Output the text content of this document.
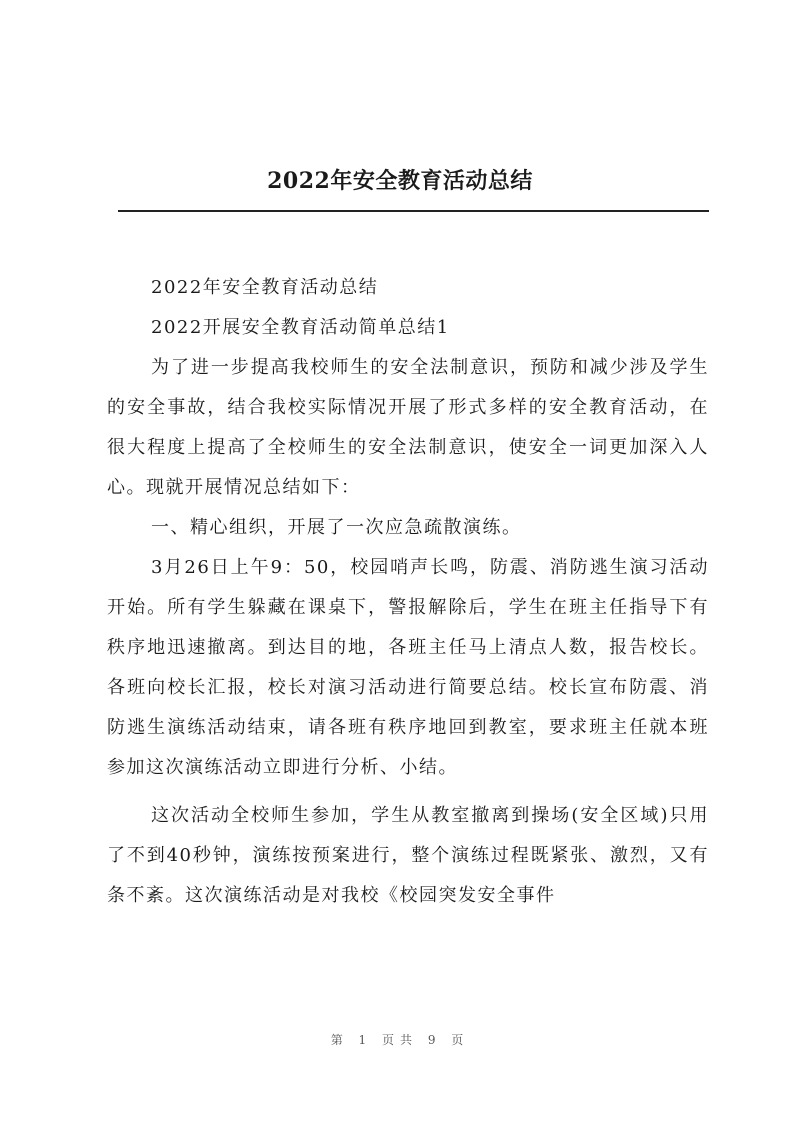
2022年安全教育活动总结

2022年安全教育活动总结

2022开展安全教育活动简单总结1

为了进一步提高我校师生的安全法制意识，预防和减少涉及学生的安全事故，结合我校实际情况开展了形式多样的安全教育活动，在很大程度上提高了全校师生的安全法制意识，使安全一词更加深入人心。现就开展情况总结如下：

一、精心组织，开展了一次应急疏散演练。

3月26日上午9：50，校园哨声长鸣，防震、消防逃生演习活动开始。所有学生躲藏在课桌下，警报解除后，学生在班主任指导下有秩序地迅速撤离。到达目的地，各班主任马上清点人数，报告校长。各班向校长汇报，校长对演习活动进行简要总结。校长宣布防震、消防逃生演练活动结束，请各班有秩序地回到教室，要求班主任就本班参加这次演练活动立即进行分析、小结。

这次活动全校师生参加，学生从教室撤离到操场(安全区域)只用了不到40秒钟，演练按预案进行，整个演练过程既紧张、激烈，又有条不紊。这次演练活动是对我校《校园突发安全事件

第 1 页共 9 页
